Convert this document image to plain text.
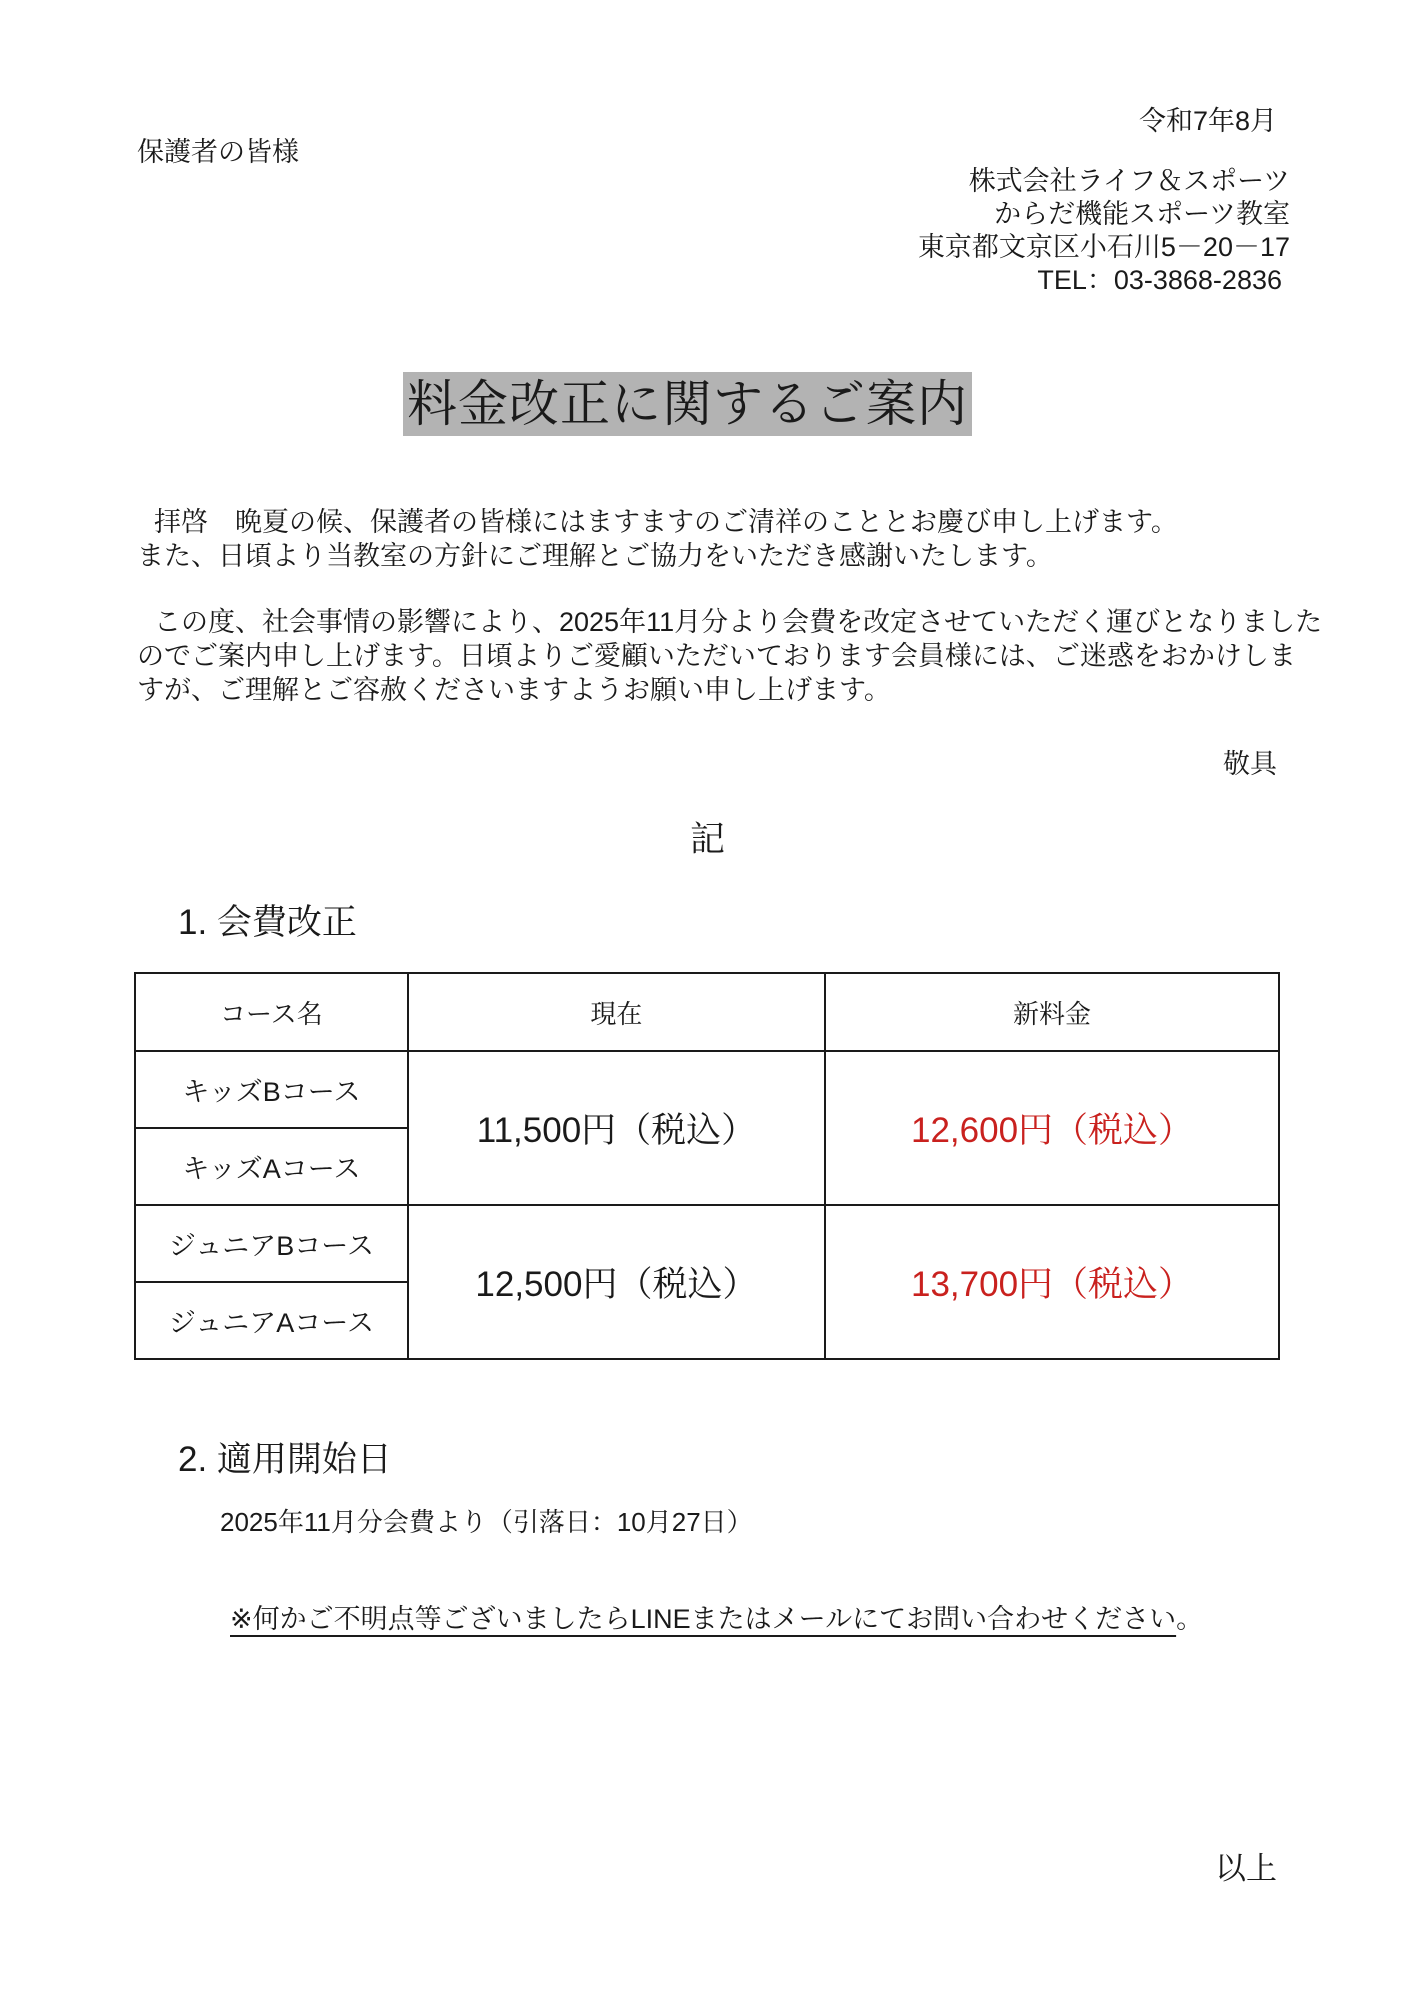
令和7年8月
保護者の皆様
株式会社ライフ＆スポーツ
からだ機能スポーツ教室
東京都文京区小石川5－20－17
TEL：03-3868-2836
料金改正に関するご案内
拝啓　晩夏の候、保護者の皆様にはますますのご清祥のこととお慶び申し上げます。
また、日頃より当教室の方針にご理解とご協力をいただき感謝いたします。
この度、社会事情の影響により、2025年11月分より会費を改定させていただく運びとなりました
のでご案内申し上げます。日頃よりご愛顧いただいております会員様には、ご迷惑をおかけしま
すが、ご理解とご容赦くださいますようお願い申し上げます。
敬具
記
1. 会費改正
コース名	現在	新料金
キッズBコース	11,500円（税込）	12,600円（税込）
キッズAコース		
ジュニアBコース	12,500円（税込）	13,700円（税込）
ジュニアAコース		
2. 適用開始日
2025年11月分会費より（引落日：10月27日）
※何かご不明点等ございましたらLINEまたはメールにてお問い合わせください。
以上
